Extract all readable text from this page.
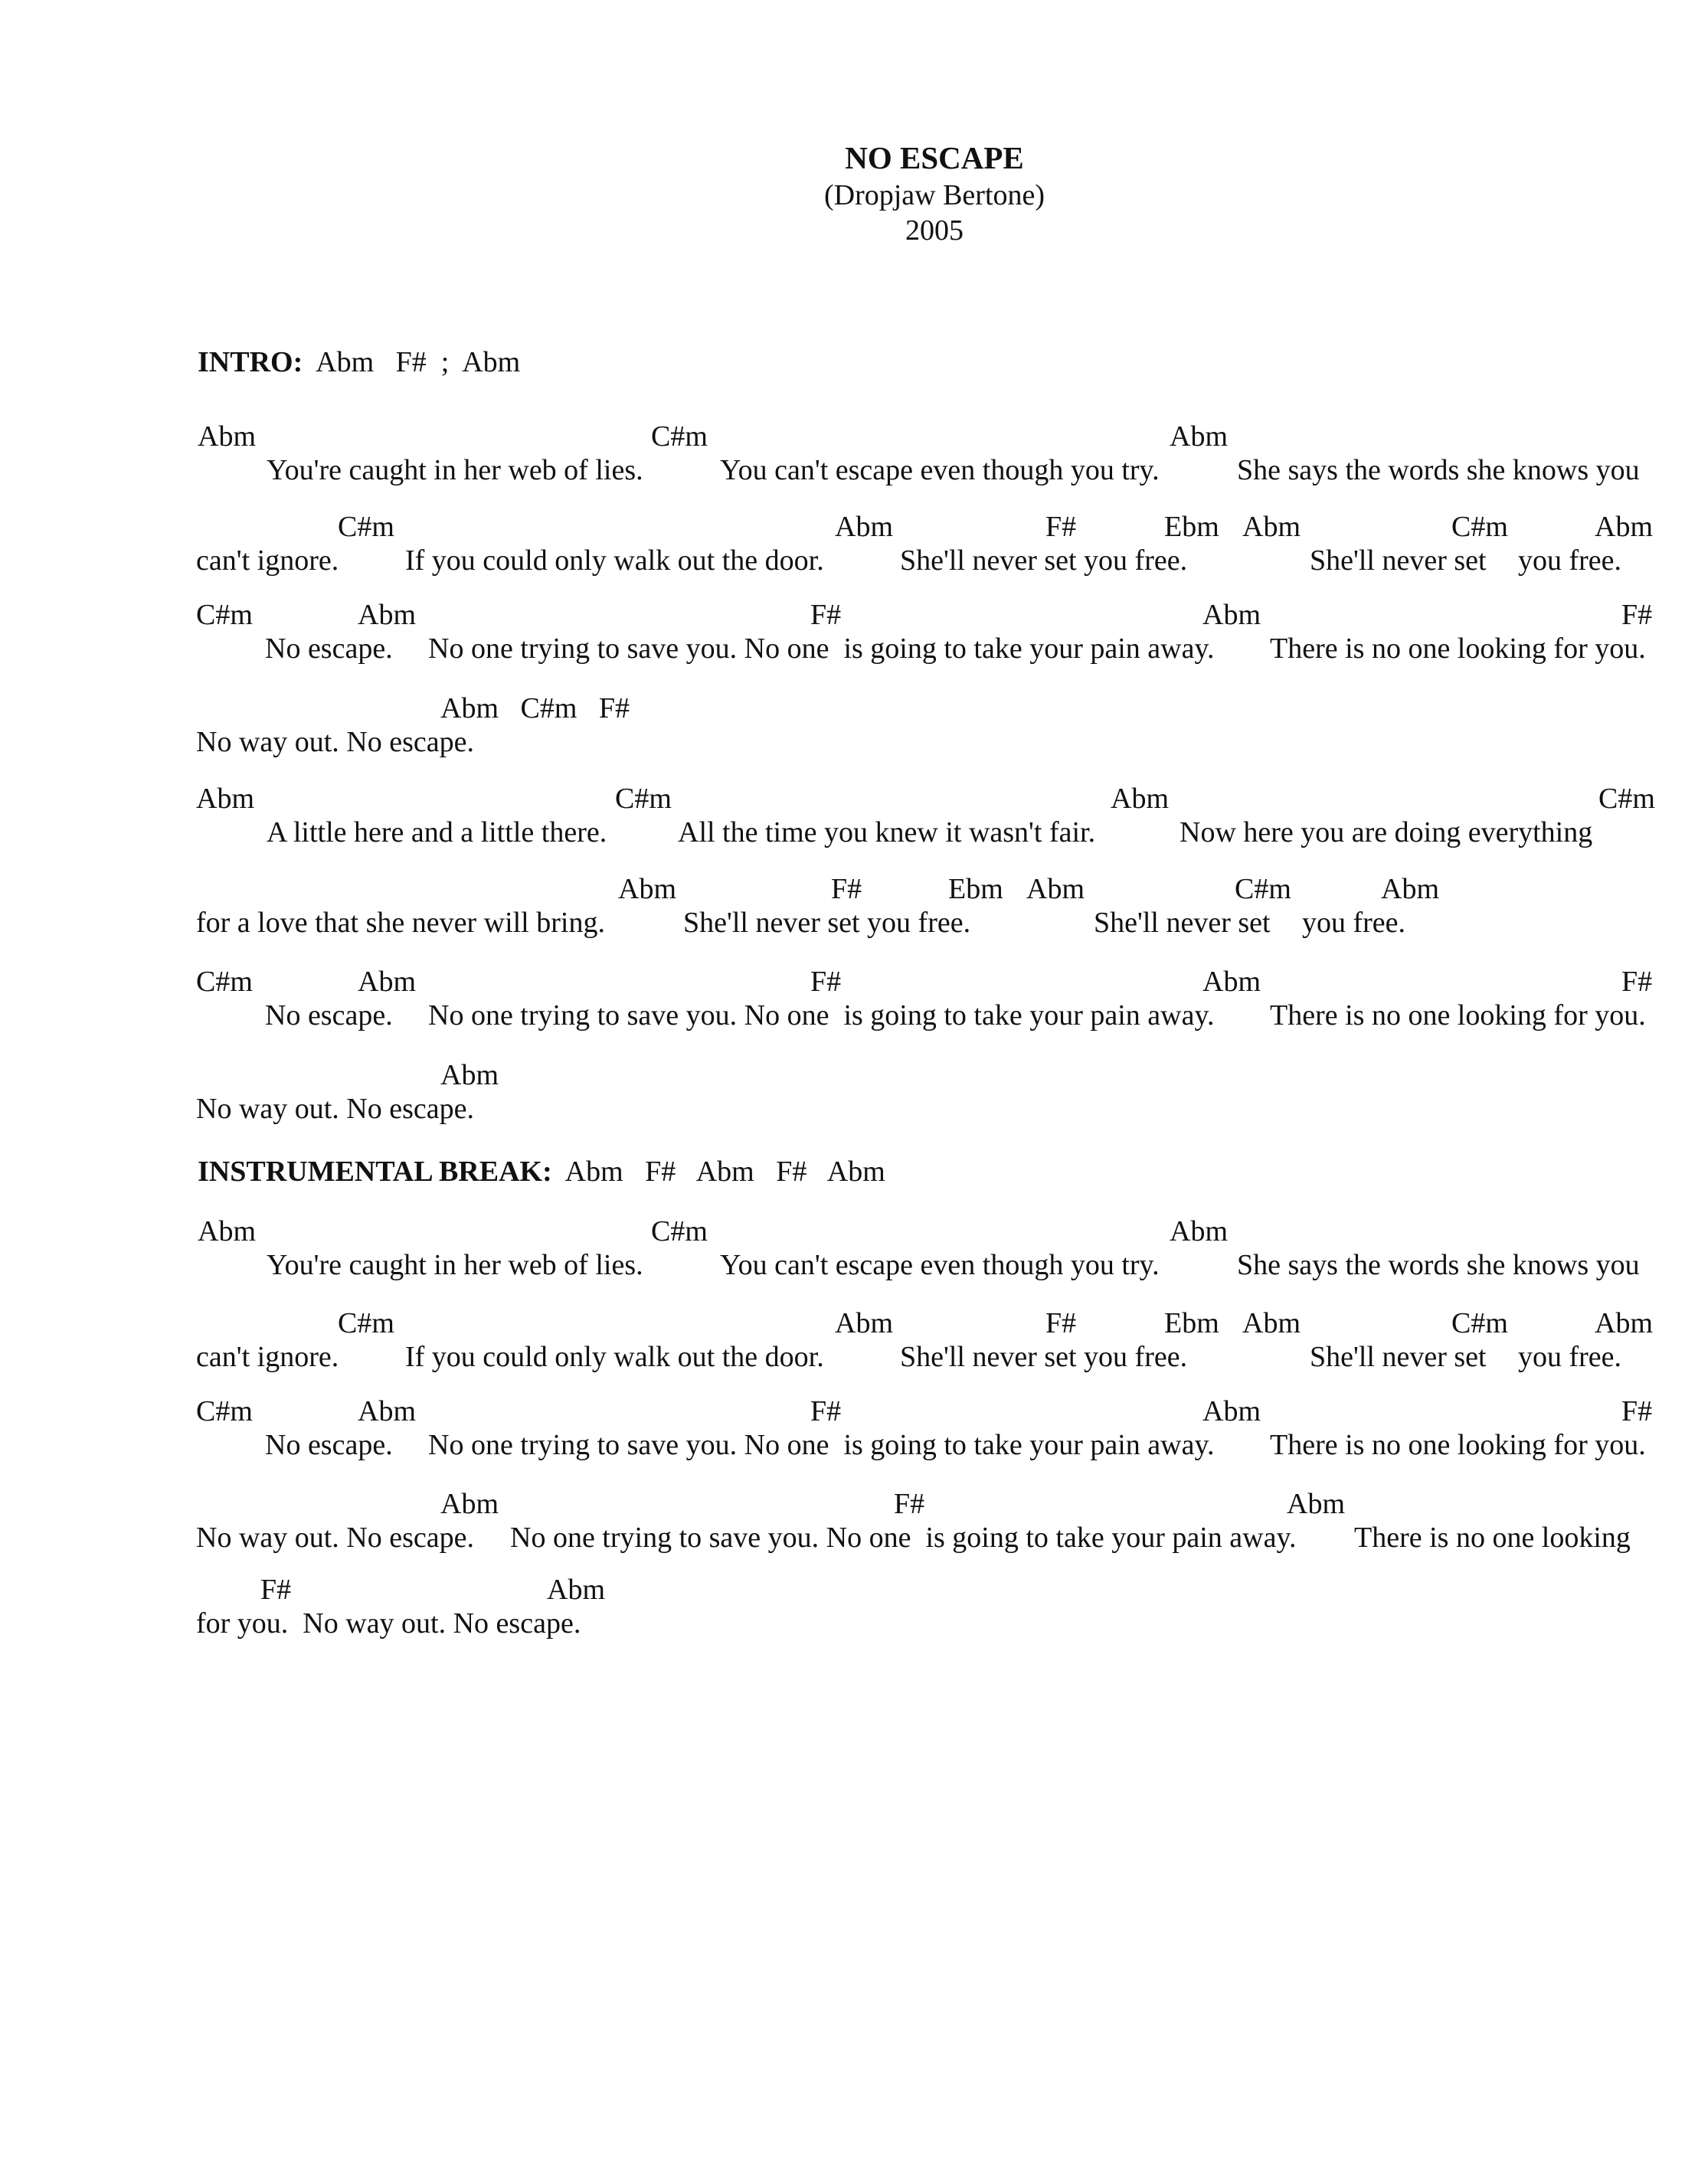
NO ESCAPE
(Dropjaw Bertone)
2005
INTRO: Abm   F#  ;  Abm
INSTRUMENTAL BREAK: Abm   F#   Abm   F#   Abm
Abm	C#m	Abm
You're caught in her web of lies.	You can't escape even though you try.	She says the words she knows you
C#m	Abm	F#	Ebm Abm	C#m	Abm
can't ignore. If you could only walk out the door.	She'll never set you free.	She'll never set you free.
C#m	Abm	F#	Abm	F#
No escape. No one trying to save you. No one  is going to take your pain away. There is no one looking for you.
Abm   C#m   F#
No way out. No escape.
Abm	C#m	Abm	C#m
A little here and a little there. All the time you knew it wasn't fair.	Now here you are doing everything
Abm	F#	Ebm Abm	C#m	Abm
for a love that she never will bring.	She'll never set you free.	She'll never set you free.
C#m	Abm	F#	Abm	F#
No escape. No one trying to save you. No one  is going to take your pain away. There is no one looking for you.
Abm
No way out. No escape.
Abm	C#m	Abm
You're caught in her web of lies.	You can't escape even though you try.	She says the words she knows you
C#m	Abm	F#	Ebm Abm	C#m	Abm
can't ignore. If you could only walk out the door.	She'll never set you free.	She'll never set you free.
C#m	Abm	F#	Abm	F#
No escape. No one trying to save you. No one  is going to take your pain away. There is no one looking for you.
Abm	F#	Abm
No way out. No escape. No one trying to save you. No one  is going to take your pain away. There is no one looking
F#	Abm
for you.  No way out. No escape.
